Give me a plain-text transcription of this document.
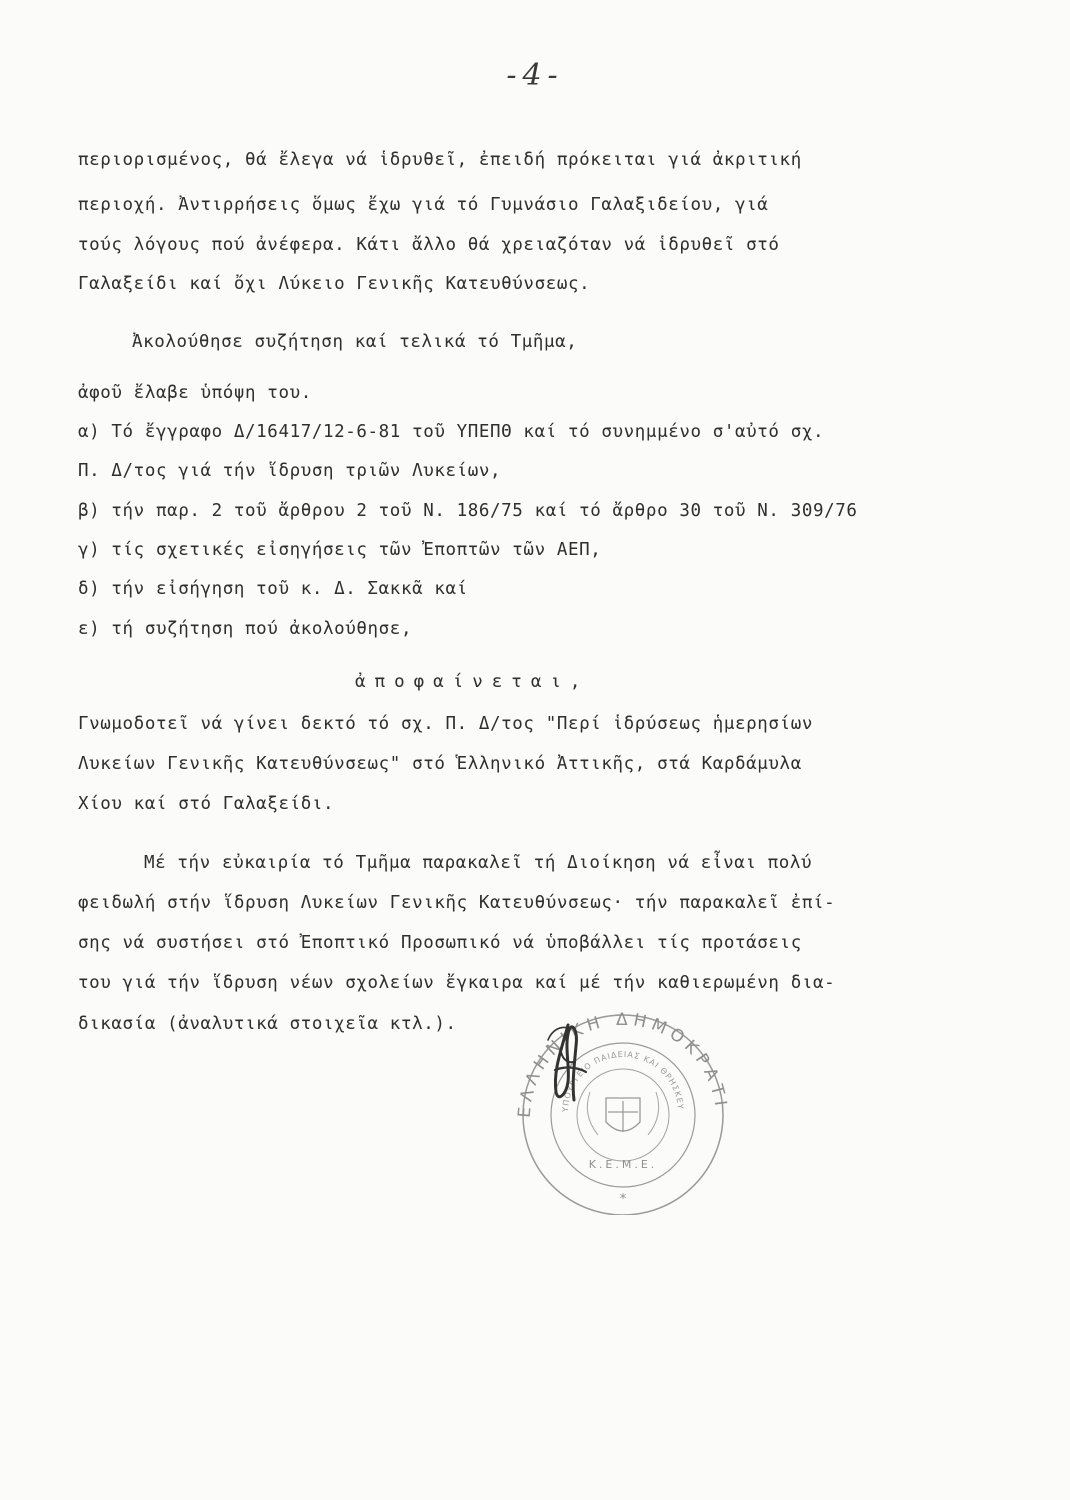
-4-
περιορισμένος, θά ἔλεγα νά ἱδρυθεῖ, ἐπειδή πρόκειται γιά ἀκριτική
περιοχή. Ἀντιρρήσεις ὅμως ἔχω γιά τό Γυμνάσιο Γαλαξιδείου, γιά
τούς λόγους πού ἀνέφερα. Κάτι ἄλλο θά χρειαζόταν νά ἱδρυθεῖ στό
Γαλαξείδι καί ὄχι Λύκειο Γενικῆς Κατευθύνσεως.
Ἀκολούθησε συζήτηση καί τελικά τό Τμῆμα,
ἀφοῦ ἔλαβε ὑπόψη του.
α) Τό ἔγγραφο Δ/16417/12-6-81 τοῦ ΥΠΕΠΘ καί τό συνημμένο σ'αὐτό σχ.
Π. Δ/τος γιά τήν ἵδρυση τριῶν Λυκείων,
β) τήν παρ. 2 τοῦ ἄρθρου 2 τοῦ Ν. 186/75 καί τό ἄρθρο 30 τοῦ Ν. 309/76
γ) τίς σχετικές εἰσηγήσεις τῶν Ἐποπτῶν τῶν ΑΕΠ,
δ) τήν εἰσήγηση τοῦ κ. Δ. Σακκᾶ καί
ε) τή συζήτηση πού ἀκολούθησε,
ἀποφαίνεται,
Γνωμοδοτεῖ νά γίνει δεκτό τό σχ. Π. Δ/τος "Περί ἱδρύσεως ἡμερησίων
Λυκείων Γενικῆς Κατευθύνσεως" στό Ἑλληνικό Ἀττικῆς, στά Καρδάμυλα
Χίου καί στό Γαλαξείδι.
Μέ τήν εὐκαιρία τό Τμῆμα παρακαλεῖ τή Διοίκηση νά εἶναι πολύ
φειδωλή στήν ἵδρυση Λυκείων Γενικῆς Κατευθύνσεως· τήν παρακαλεῖ ἐπί-
σης νά συστήσει στό Ἐποπτικό Προσωπικό νά ὑποβάλλει τίς προτάσεις
του γιά τήν ἵδρυση νέων σχολείων ἔγκαιρα καί μέ τήν καθιερωμένη δια-
δικασία (ἀναλυτικά στοιχεῖα κτλ.).
ΕΛΛΗΝΙΚΗ ΔΗΜΟΚΡΑΤΙ
ΥΠΟΥΡΓΕΙΟ ΠΑΙΔΕΙΑΣ ΚΑΙ ΘΡΗΣΚΕΥ
Κ.Ε.Μ.Ε.
*
